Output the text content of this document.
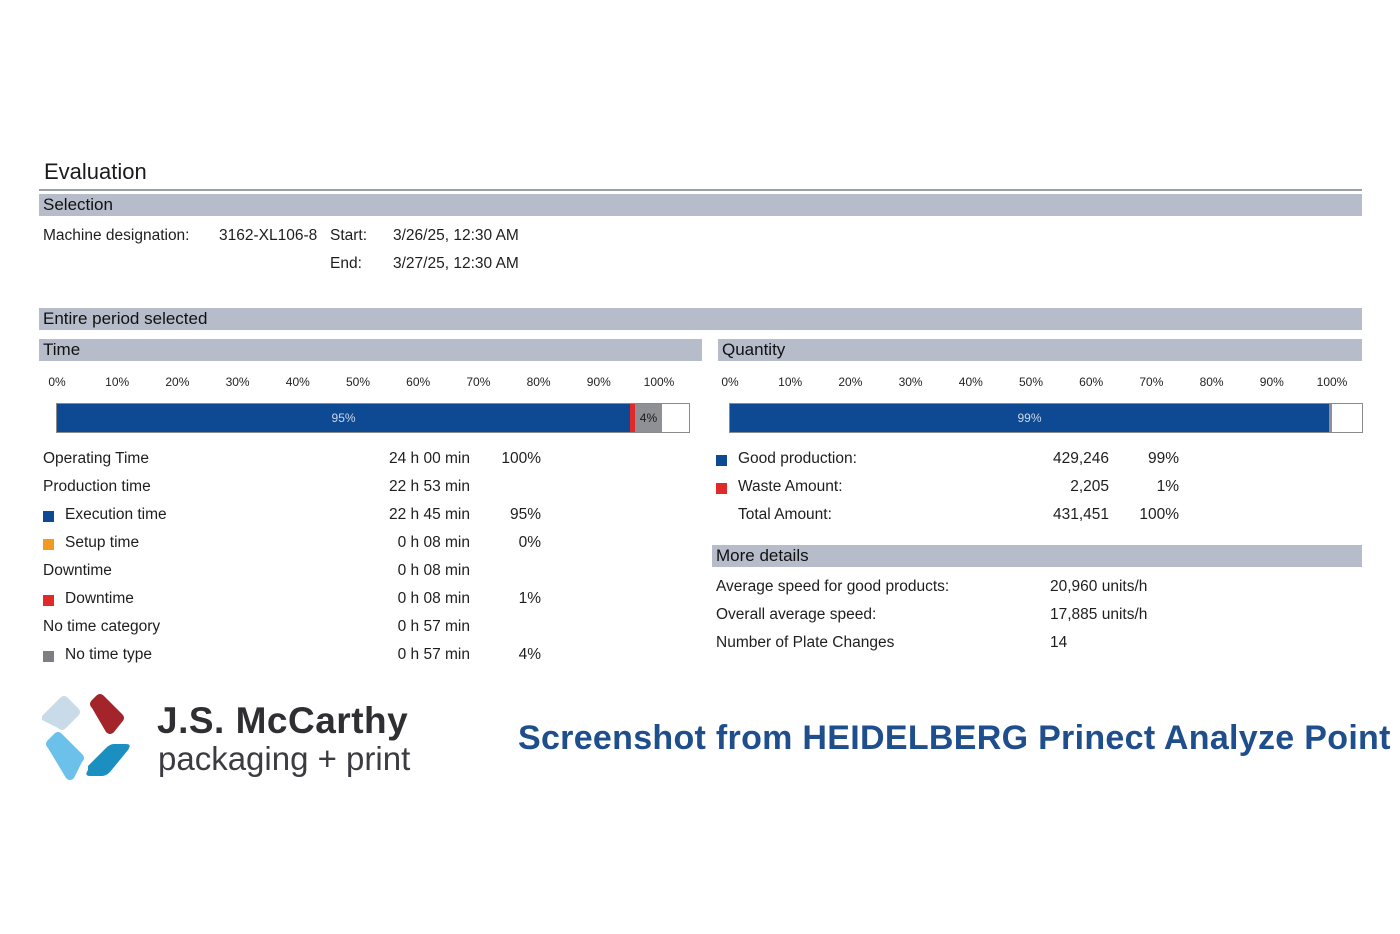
Evaluation
Selection
Machine designation: 3162-XL106-8 Start: 3/26/25, 12:30 AM
End: 3/27/25, 12:30 AM
Entire period selected
Time
0%	10%	20%	30%	40%	50%	60%	70%	80%	90%	100%
95%	4%
Operating Time	24 h 00 min	100%
Production time	22 h 53 min
Execution time	22 h 45 min	95%
Setup time	0 h 08 min	0%
Downtime	0 h 08 min
Downtime	0 h 08 min	1%
No time category	0 h 57 min
No time type	0 h 57 min	4%
Quantity
0%	10%	20%	30%	40%	50%	60%	70%	80%	90%	100%
99%
Good production:	429,246	99%
Waste Amount:	2,205	1%
Total Amount:	431,451	100%
More details
Average speed for good products:	20,960 units/h
Overall average speed:	17,885 units/h
Number of Plate Changes	14
J.S. McCarthy
packaging + print
Screenshot from HEIDELBERG Prinect Analyze Point
